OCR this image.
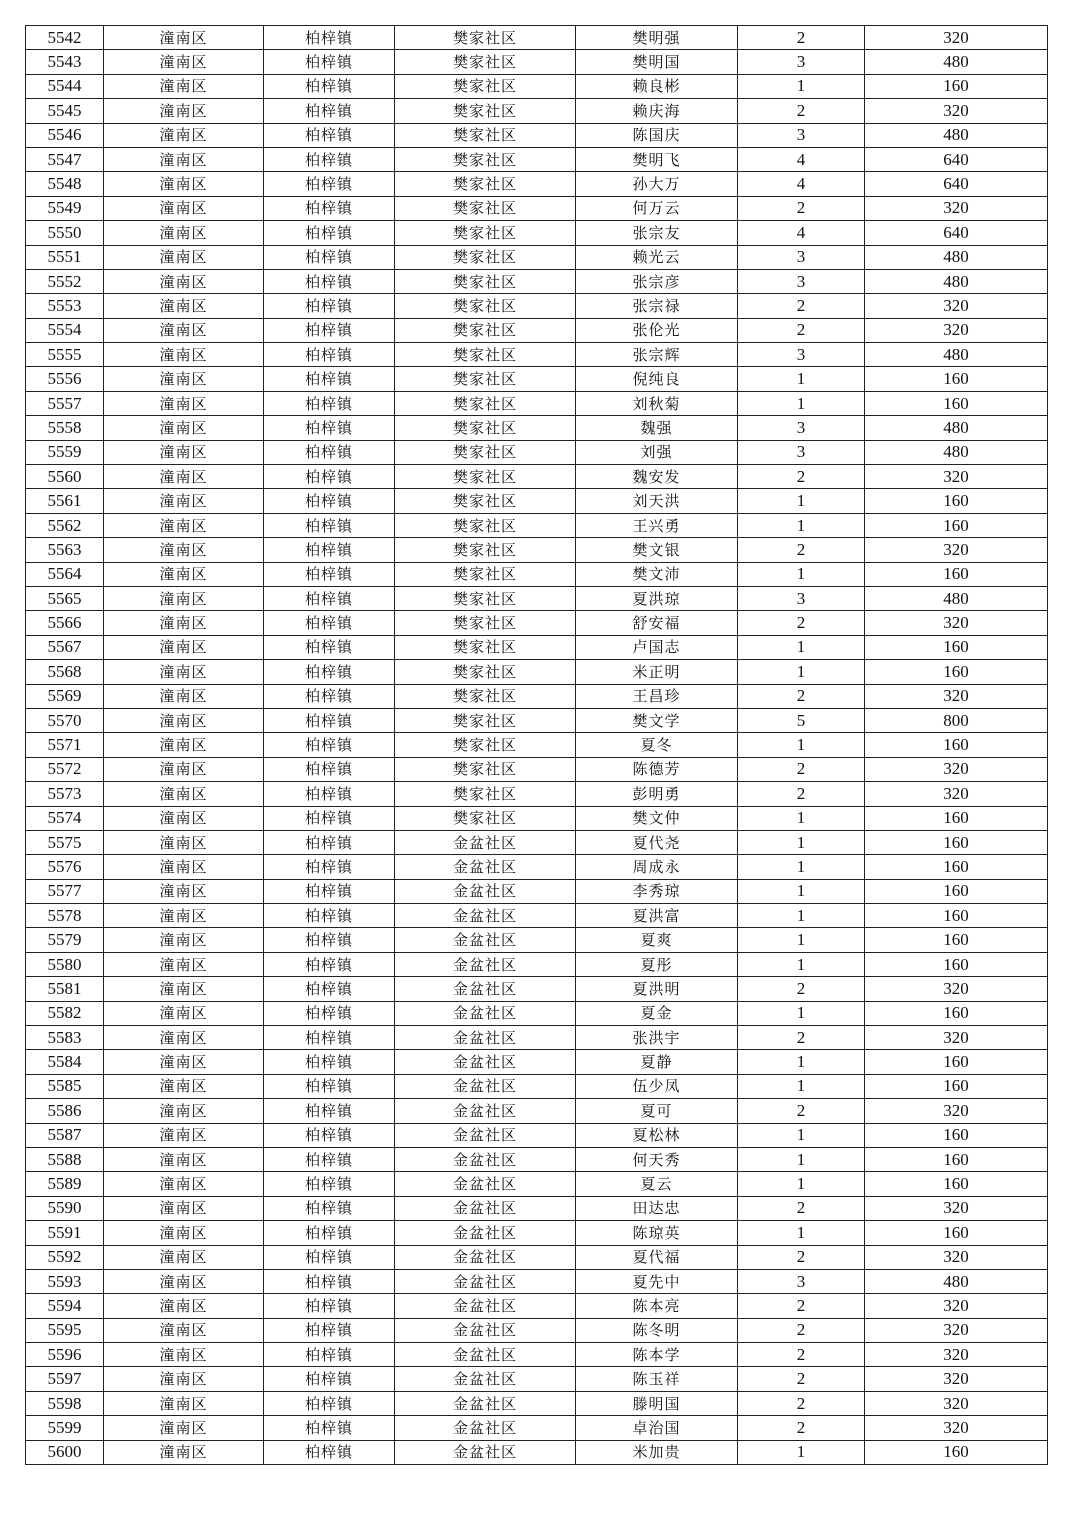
5542	潼南区	柏梓镇	樊家社区	樊明强	2	320
5543	潼南区	柏梓镇	樊家社区	樊明国	3	480
5544	潼南区	柏梓镇	樊家社区	赖良彬	1	160
5545	潼南区	柏梓镇	樊家社区	赖庆海	2	320
5546	潼南区	柏梓镇	樊家社区	陈国庆	3	480
5547	潼南区	柏梓镇	樊家社区	樊明飞	4	640
5548	潼南区	柏梓镇	樊家社区	孙大万	4	640
5549	潼南区	柏梓镇	樊家社区	何万云	2	320
5550	潼南区	柏梓镇	樊家社区	张宗友	4	640
5551	潼南区	柏梓镇	樊家社区	赖光云	3	480
5552	潼南区	柏梓镇	樊家社区	张宗彦	3	480
5553	潼南区	柏梓镇	樊家社区	张宗禄	2	320
5554	潼南区	柏梓镇	樊家社区	张伦光	2	320
5555	潼南区	柏梓镇	樊家社区	张宗辉	3	480
5556	潼南区	柏梓镇	樊家社区	倪纯良	1	160
5557	潼南区	柏梓镇	樊家社区	刘秋菊	1	160
5558	潼南区	柏梓镇	樊家社区	魏强	3	480
5559	潼南区	柏梓镇	樊家社区	刘强	3	480
5560	潼南区	柏梓镇	樊家社区	魏安发	2	320
5561	潼南区	柏梓镇	樊家社区	刘天洪	1	160
5562	潼南区	柏梓镇	樊家社区	王兴勇	1	160
5563	潼南区	柏梓镇	樊家社区	樊文银	2	320
5564	潼南区	柏梓镇	樊家社区	樊文沛	1	160
5565	潼南区	柏梓镇	樊家社区	夏洪琼	3	480
5566	潼南区	柏梓镇	樊家社区	舒安福	2	320
5567	潼南区	柏梓镇	樊家社区	卢国志	1	160
5568	潼南区	柏梓镇	樊家社区	米正明	1	160
5569	潼南区	柏梓镇	樊家社区	王昌珍	2	320
5570	潼南区	柏梓镇	樊家社区	樊文学	5	800
5571	潼南区	柏梓镇	樊家社区	夏冬	1	160
5572	潼南区	柏梓镇	樊家社区	陈德芳	2	320
5573	潼南区	柏梓镇	樊家社区	彭明勇	2	320
5574	潼南区	柏梓镇	樊家社区	樊文仲	1	160
5575	潼南区	柏梓镇	金盆社区	夏代尧	1	160
5576	潼南区	柏梓镇	金盆社区	周成永	1	160
5577	潼南区	柏梓镇	金盆社区	李秀琼	1	160
5578	潼南区	柏梓镇	金盆社区	夏洪富	1	160
5579	潼南区	柏梓镇	金盆社区	夏爽	1	160
5580	潼南区	柏梓镇	金盆社区	夏彤	1	160
5581	潼南区	柏梓镇	金盆社区	夏洪明	2	320
5582	潼南区	柏梓镇	金盆社区	夏金	1	160
5583	潼南区	柏梓镇	金盆社区	张洪宇	2	320
5584	潼南区	柏梓镇	金盆社区	夏静	1	160
5585	潼南区	柏梓镇	金盆社区	伍少凤	1	160
5586	潼南区	柏梓镇	金盆社区	夏可	2	320
5587	潼南区	柏梓镇	金盆社区	夏松林	1	160
5588	潼南区	柏梓镇	金盆社区	何天秀	1	160
5589	潼南区	柏梓镇	金盆社区	夏云	1	160
5590	潼南区	柏梓镇	金盆社区	田达忠	2	320
5591	潼南区	柏梓镇	金盆社区	陈琼英	1	160
5592	潼南区	柏梓镇	金盆社区	夏代福	2	320
5593	潼南区	柏梓镇	金盆社区	夏先中	3	480
5594	潼南区	柏梓镇	金盆社区	陈本亮	2	320
5595	潼南区	柏梓镇	金盆社区	陈冬明	2	320
5596	潼南区	柏梓镇	金盆社区	陈本学	2	320
5597	潼南区	柏梓镇	金盆社区	陈玉祥	2	320
5598	潼南区	柏梓镇	金盆社区	滕明国	2	320
5599	潼南区	柏梓镇	金盆社区	卓治国	2	320
5600	潼南区	柏梓镇	金盆社区	米加贵	1	160
